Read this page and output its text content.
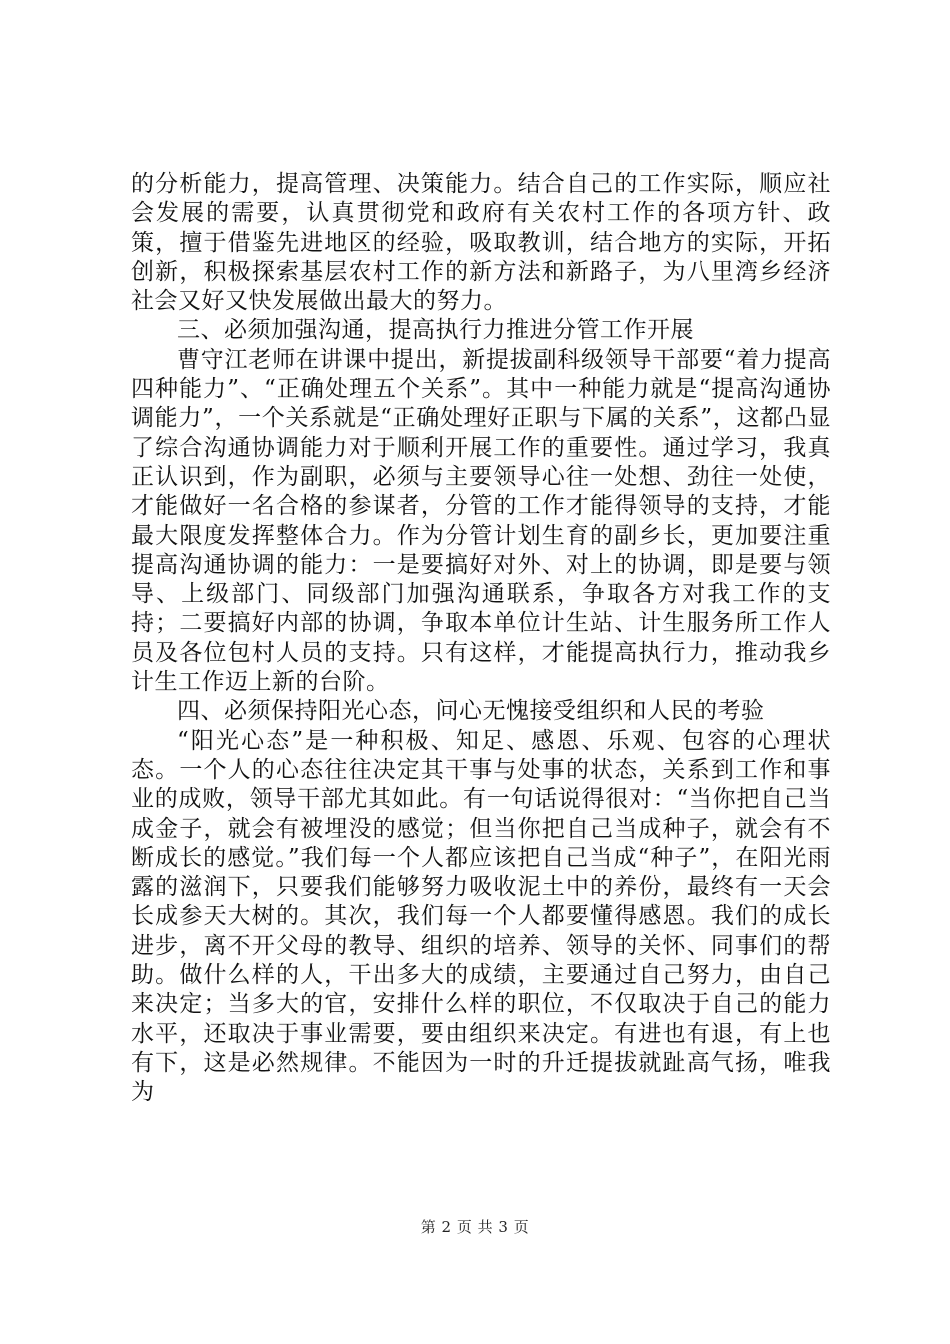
的分析能力，提高管理、决策能力。结合自己的工作实际，顺应社会发展的需要，认真贯彻党和政府有关农村工作的各项方针、政策，擅于借鉴先进地区的经验，吸取教训，结合地方的实际，开拓创新，积极探索基层农村工作的新方法和新路子，为八里湾乡经济社会又好又快发展做出最大的努力。

三、必须加强沟通，提高执行力推进分管工作开展

曹守江老师在讲课中提出，新提拔副科级领导干部要“着力提高四种能力”、“正确处理五个关系”。其中一种能力就是“提高沟通协调能力”，一个关系就是“正确处理好正职与下属的关系”，这都凸显了综合沟通协调能力对于顺利开展工作的重要性。通过学习，我真正认识到，作为副职，必须与主要领导心往一处想、劲往一处使，才能做好一名合格的参谋者，分管的工作才能得领导的支持，才能最大限度发挥整体合力。作为分管计划生育的副乡长，更加要注重提高沟通协调的能力：一是要搞好对外、对上的协调，即是要与领导、上级部门、同级部门加强沟通联系，争取各方对我工作的支持；二要搞好内部的协调，争取本单位计生站、计生服务所工作人员及各位包村人员的支持。只有这样，才能提高执行力，推动我乡计生工作迈上新的台阶。

四、必须保持阳光心态，问心无愧接受组织和人民的考验

“阳光心态”是一种积极、知足、感恩、乐观、包容的心理状态。一个人的心态往往决定其干事与处事的状态，关系到工作和事业的成败，领导干部尤其如此。有一句话说得很对：“当你把自己当成金子，就会有被埋没的感觉；但当你把自己当成种子，就会有不断成长的感觉。”我们每一个人都应该把自己当成“种子”，在阳光雨露的滋润下，只要我们能够努力吸收泥土中的养份，最终有一天会长成参天大树的。其次，我们每一个人都要懂得感恩。我们的成长进步，离不开父母的教导、组织的培养、领导的关怀、同事们的帮助。做什么样的人，干出多大的成绩，主要通过自己努力，由自己来决定；当多大的官，安排什么样的职位，不仅取决于自己的能力水平，还取决于事业需要，要由组织来决定。有进也有退，有上也有下，这是必然规律。不能因为一时的升迁提拔就趾高气扬，唯我为

第 2 页 共 3 页
